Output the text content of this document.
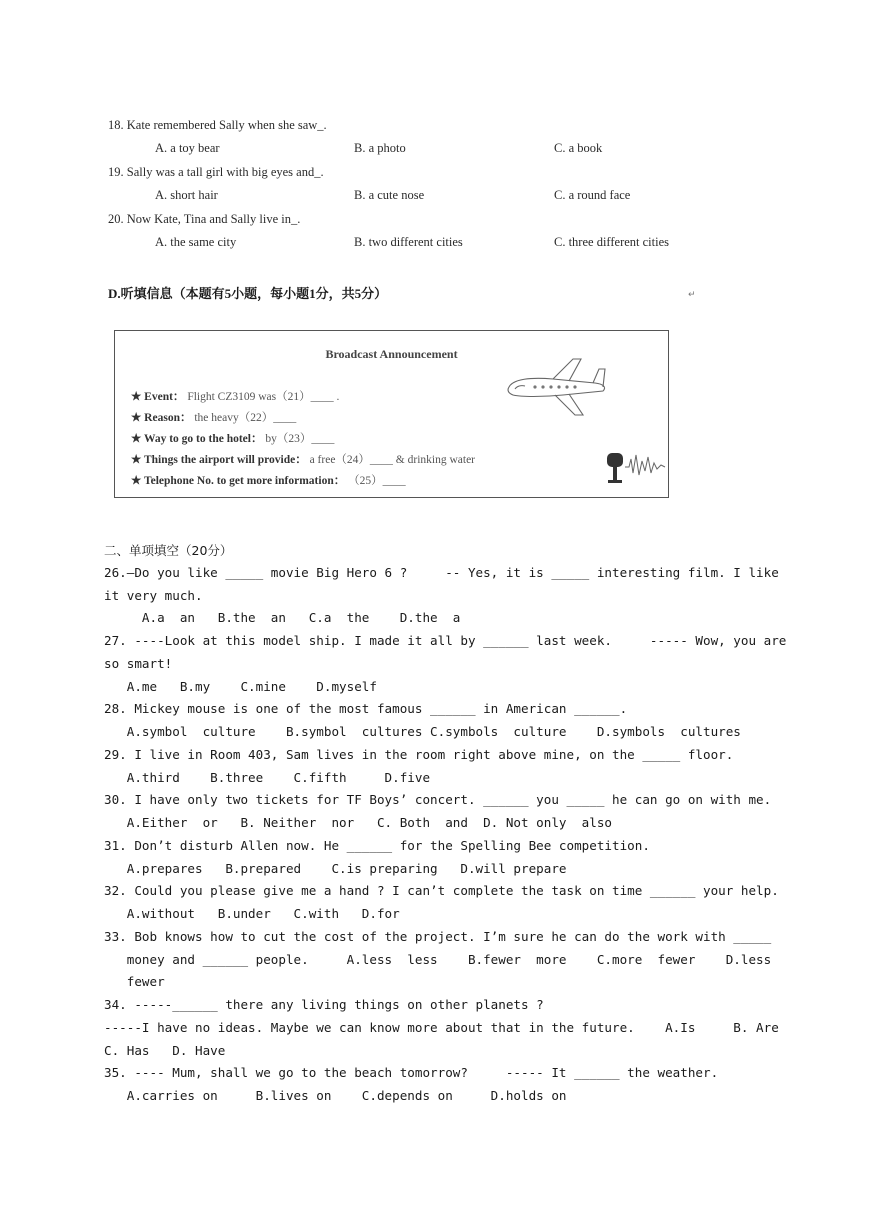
18. Kate remembered Sally when she saw_.
A. a toy bear	B. a photo	C. a book
19. Sally was a tall girl with big eyes and_.
A. short hair	B. a cute nose	C. a round face
20. Now Kate, Tina and Sally live in_.
A. the same city	B. two different cities	C. three different cities
D.听填信息（本题有5小题，每小题1分，共5分）	↵
Broadcast Announcement
★ Event： Flight CZ3109 was（21）____ .
★ Reason： the heavy（22）____
★ Way to go to the hotel： by（23）____
★ Things the airport will provide： a free（24）____ & drinking water
★ Telephone No. to get more information： （25）____
二、单项填空（20分）
26.—Do you like _____ movie Big Hero 6 ?     -- Yes, it is _____ interesting film. I like
it very much.
A.a  an   B.the  an   C.a  the    D.the  a
27. ----Look at this model ship. I made it all by ______ last week.     ----- Wow, you are
so smart!
A.me   B.my    C.mine    D.myself
28. Mickey mouse is one of the most famous ______ in American ______.
A.symbol  culture    B.symbol  cultures C.symbols  culture    D.symbols  cultures
29. I live in Room 403, Sam lives in the room right above mine, on the _____ floor.
A.third    B.three    C.fifth     D.five
30. I have only two tickets for TF Boys’ concert. ______ you _____ he can go on with me.
A.Either  or   B. Neither  nor   C. Both  and  D. Not only  also
31. Don’t disturb Allen now. He ______ for the Spelling Bee competition.
A.prepares   B.prepared    C.is preparing   D.will prepare
32. Could you please give me a hand ? I can’t complete the task on time ______ your help.
A.without   B.under   C.with   D.for
33. Bob knows how to cut the cost of the project. I’m sure he can do the work with _____
money and ______ people.     A.less  less    B.fewer  more    C.more  fewer    D.less
fewer
34. -----______ there any living things on other planets ?
-----I have no ideas. Maybe we can know more about that in the future.    A.Is     B. Are
C. Has   D. Have
35. ---- Mum, shall we go to the beach tomorrow?     ----- It ______ the weather.
A.carries on     B.lives on    C.depends on     D.holds on
